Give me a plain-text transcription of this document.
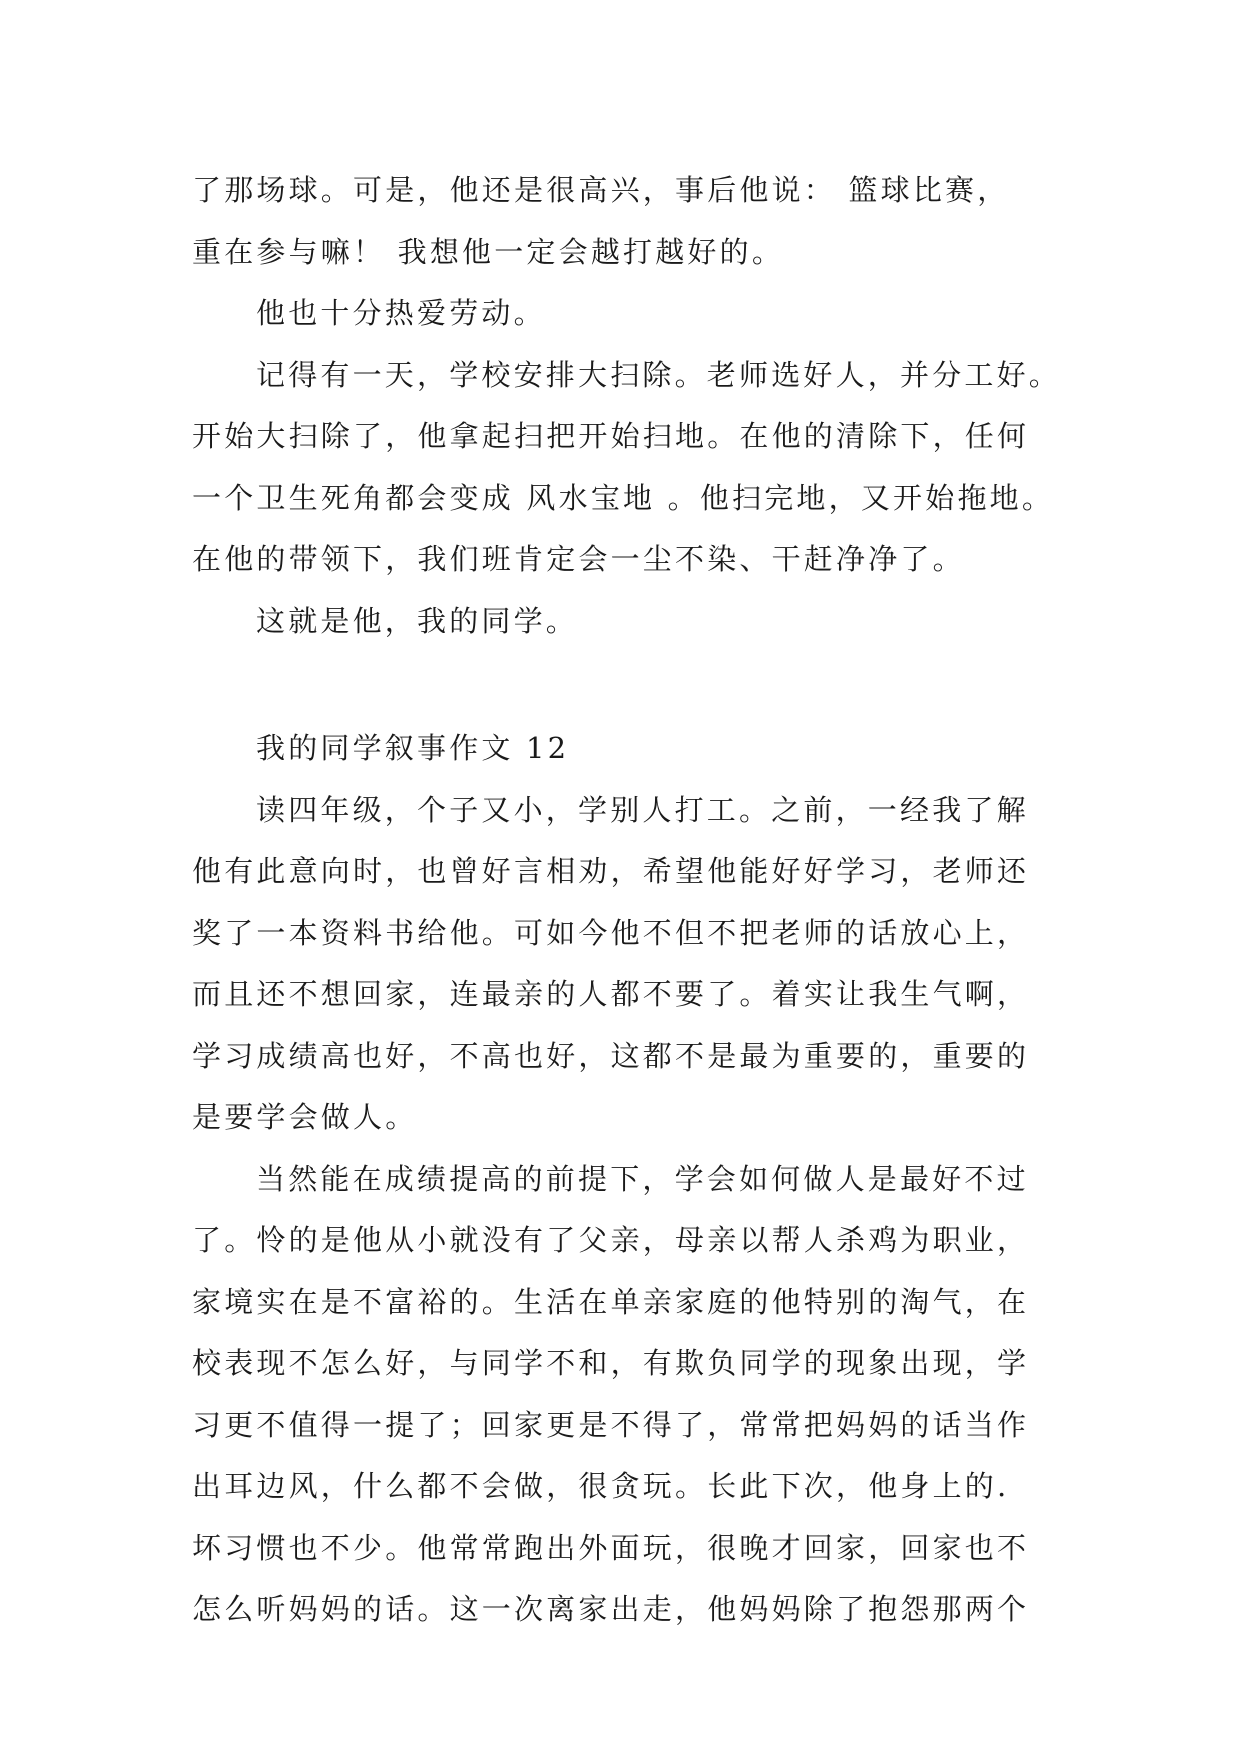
了那场球。可是，他还是很高兴，事后他说： 篮球比赛，
重在参与嘛！ 我想他一定会越打越好的。
他也十分热爱劳动。
记得有一天，学校安排大扫除。老师选好人，并分工好。
开始大扫除了，他拿起扫把开始扫地。在他的清除下，任何
一个卫生死角都会变成 风水宝地 。他扫完地，又开始拖地。
在他的带领下，我们班肯定会一尘不染、干赶净净了。
这就是他，我的同学。
我的同学叙事作文 12
读四年级，个子又小，学别人打工。之前，一经我了解
他有此意向时，也曾好言相劝，希望他能好好学习，老师还
奖了一本资料书给他。可如今他不但不把老师的话放心上，
而且还不想回家，连最亲的人都不要了。着实让我生气啊，
学习成绩高也好，不高也好，这都不是最为重要的，重要的
是要学会做人。
当然能在成绩提高的前提下，学会如何做人是最好不过
了。怜的是他从小就没有了父亲，母亲以帮人杀鸡为职业，
家境实在是不富裕的。生活在单亲家庭的他特别的淘气，在
校表现不怎么好，与同学不和，有欺负同学的现象出现，学
习更不值得一提了；回家更是不得了，常常把妈妈的话当作
出耳边风，什么都不会做，很贪玩。长此下次，他身上的.
坏习惯也不少。他常常跑出外面玩，很晚才回家，回家也不
怎么听妈妈的话。这一次离家出走，他妈妈除了抱怨那两个
